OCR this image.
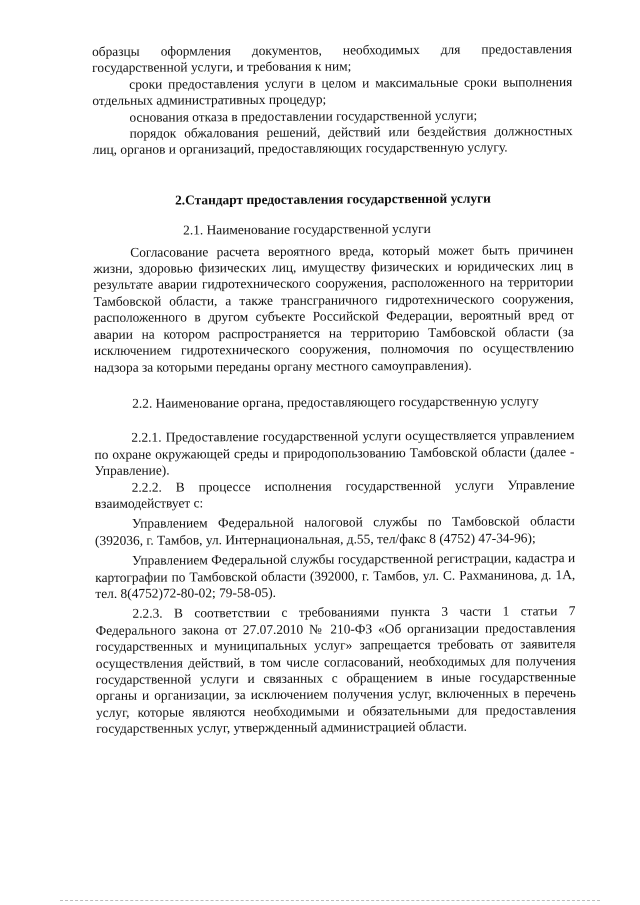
образцы оформления документов, необходимых для предоставления государственной услуги, и требования к ним;

сроки предоставления услуги в целом и максимальные сроки выполнения отдельных административных процедур;

основания отказа в предоставлении государственной услуги;

порядок обжалования решений, действий или бездействия должностных лиц, органов и организаций, предоставляющих государственную услугу.

2.Стандарт предоставления государственной услуги

2.1. Наименование государственной услуги

Согласование расчета вероятного вреда, который может быть причинен жизни, здоровью физических лиц, имуществу физических и юридических лиц в результате аварии гидротехнического сооружения, расположенного на территории Тамбовской области, а также трансграничного гидротехнического сооружения, расположенного в другом субъекте Российской Федерации, вероятный вред от аварии на котором распространяется на территорию Тамбовской области (за исключением гидротехнического сооружения, полномочия по осуществлению надзора за которыми переданы органу местного самоуправления).

2.2. Наименование органа, предоставляющего государственную услугу

2.2.1. Предоставление государственной услуги осуществляется управлением по охране окружающей среды и природопользованию Тамбовской области (далее - Управление).

2.2.2. В процессе исполнения государственной услуги Управление взаимодействует с:

Управлением Федеральной налоговой службы по Тамбовской области (392036, г. Тамбов, ул. Интернациональная, д.55, тел/факс 8 (4752) 47-34-96);

Управлением Федеральной службы государственной регистрации, кадастра и картографии по Тамбовской области (392000, г. Тамбов, ул. С. Рахманинова, д. 1А, тел. 8(4752)72-80-02; 79-58-05).

2.2.3. В соответствии с требованиями пункта 3 части 1 статьи 7 Федерального закона от 27.07.2010 № 210-ФЗ «Об организации предоставления государственных и муниципальных услуг» запрещается требовать от заявителя осуществления действий, в том числе согласований, необходимых для получения государственной услуги и связанных с обращением в иные государственные органы и организации, за исключением получения услуг, включенных в перечень услуг, которые являются необходимыми и обязательными для предоставления государственных услуг, утвержденный администрацией области.
